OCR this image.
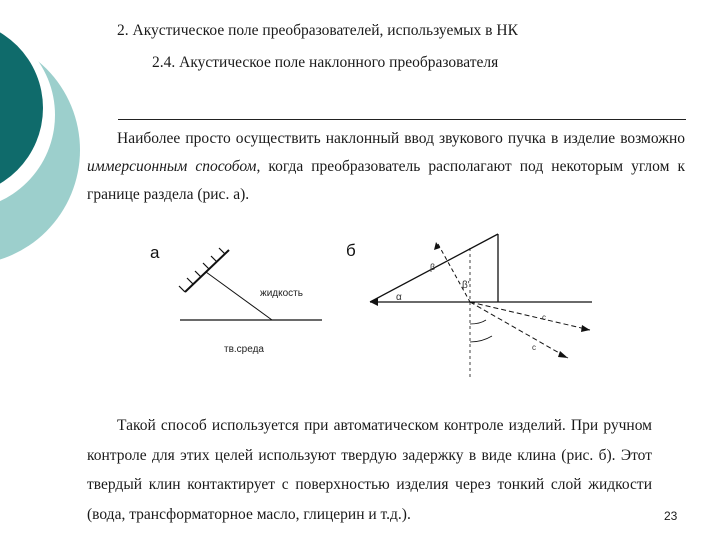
2. Акустическое поле преобразователей, используемых в НК
2.4. Акустическое поле наклонного преобразователя
Наиболее просто осуществить наклонный ввод звукового пучка в изделие возможно иммерсионным способом, когда преобразователь располагают под некоторым углом к границе раздела (рис. а).
а
жидкость
тв.среда
б
α
β
β'
c
c
Такой способ используется при автоматическом контроле изделий. При ручном контроле для этих целей используют твердую задержку в виде клина (рис. б). Этот твердый клин контактирует с поверхностью изделия через тонкий слой жидкости (вода, трансформаторное масло, глицерин и т.д.).	23
